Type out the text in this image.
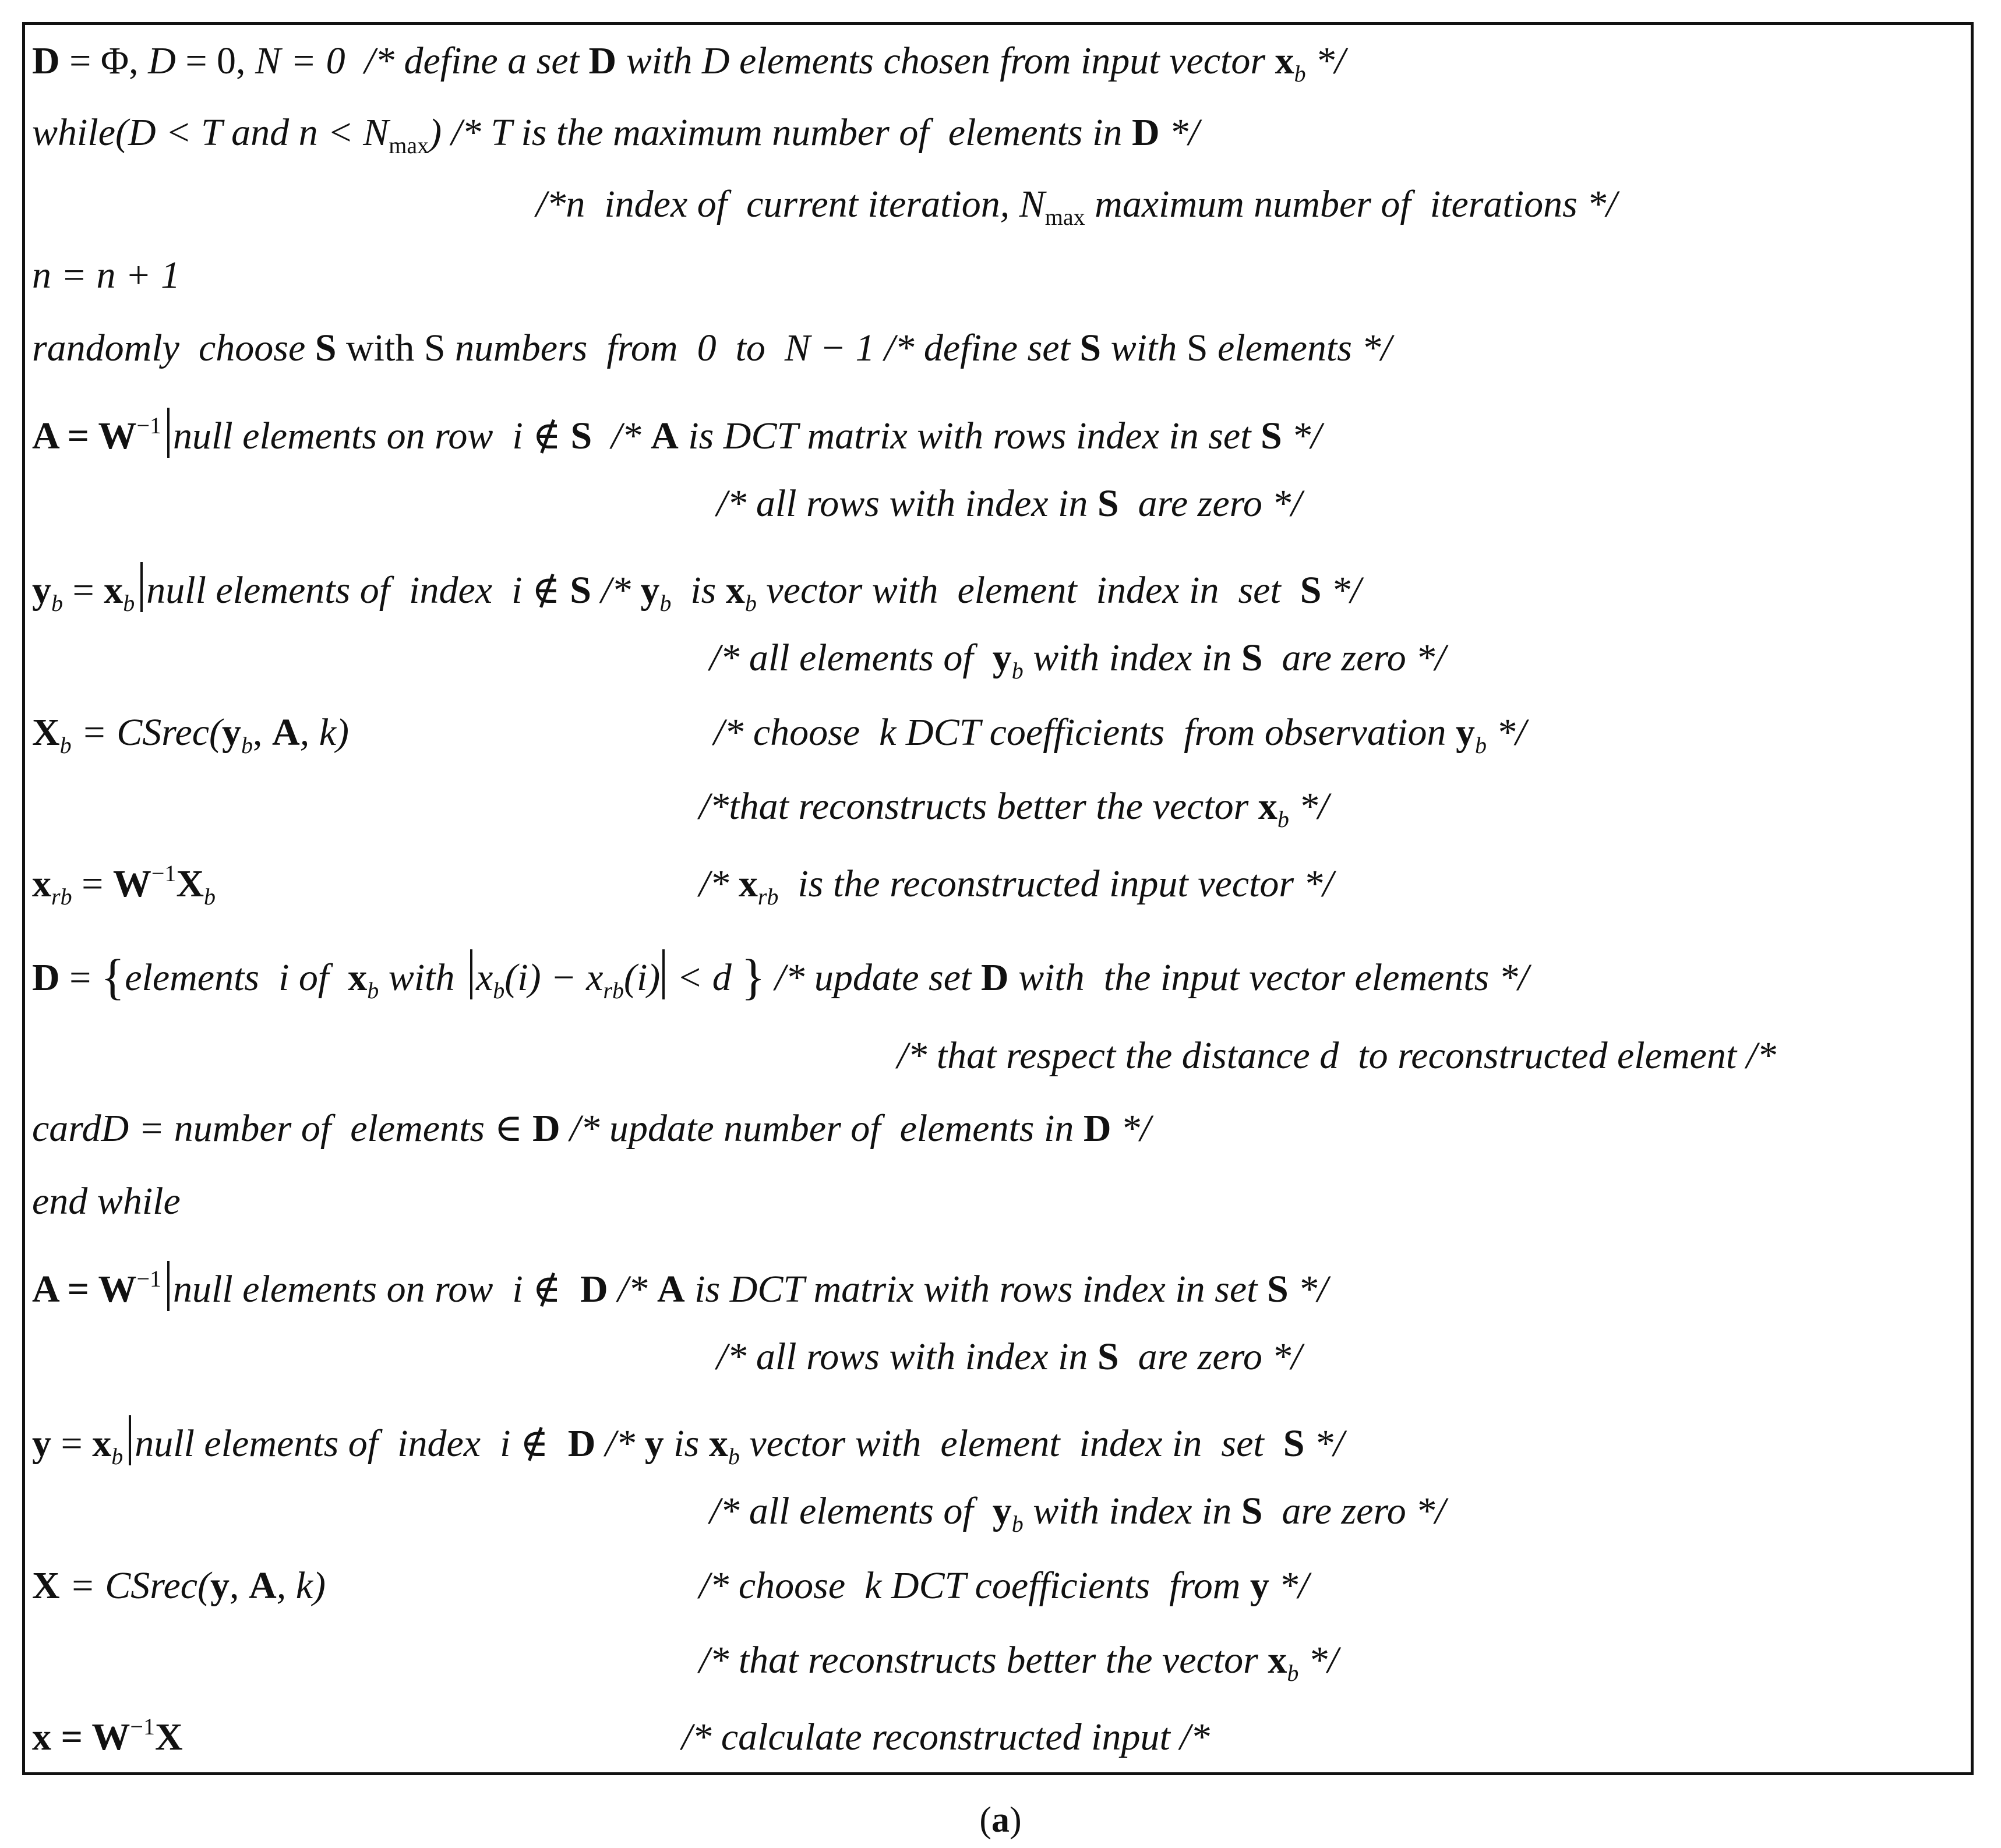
D = Φ, D = 0, N = 0  /* define a set D with D elements chosen from input vector $x_b$ */
while(D < T and $n < N_{max}) /* T$ is the maximum number of  elements in D */
/*n  index of  current iteration, $N_{max}$ maximum number of  iterations */
n = n + 1
randomly  choose S with S numbers  from  0  to  N − 1 /* define set S with S elements */
$A = W^{-1}$ null elements on row  i ∉ S  /* A is DCT matrix with rows index in set S */
/* all rows with index in S  are zero */
$y_b = x_b$ null elements of  index  i ∉ S /* $y_b$  is $x_b$ vector with  element  index in  set  S */
/* all elements of  $y_b$ with index in S  are zero */
$X_b$ = $CSrec(y_b$, A, k)	/* choose  k DCT coefficients  from observation $y_b$ */
/*that reconstructs better the vector $x_b$ */
$x_{rb} = W^{-1}X_b$	/* $x_{rb}$  is the reconstructed input vector */
D = {elements  i of  $x_b$ with $x_b(i) - x_{rb}(i) < d$ } /* update set D with  the input vector elements */
/* that respect the distance d  to reconstructed element /*
cardD = number of  elements ∈ D /* update number of  elements in D */
end while
$A = W^{-1}$ null elements on row  i ∉  D /* A is DCT matrix with rows index in set S */
/* all rows with index in S  are zero */
$y = x_b$ null elements of  index  i ∉  D /* y is $x_b$ vector with  element  index in  set  S */
/* all elements of  $y_b$ with index in S  are zero */
X = CSrec(y, A, k)	/* choose  k DCT coefficients  from y */
/* that reconstructs better the vector $x_b$ */
$x = W^{-1}X$	/* calculate reconstructed input /*
(a)
